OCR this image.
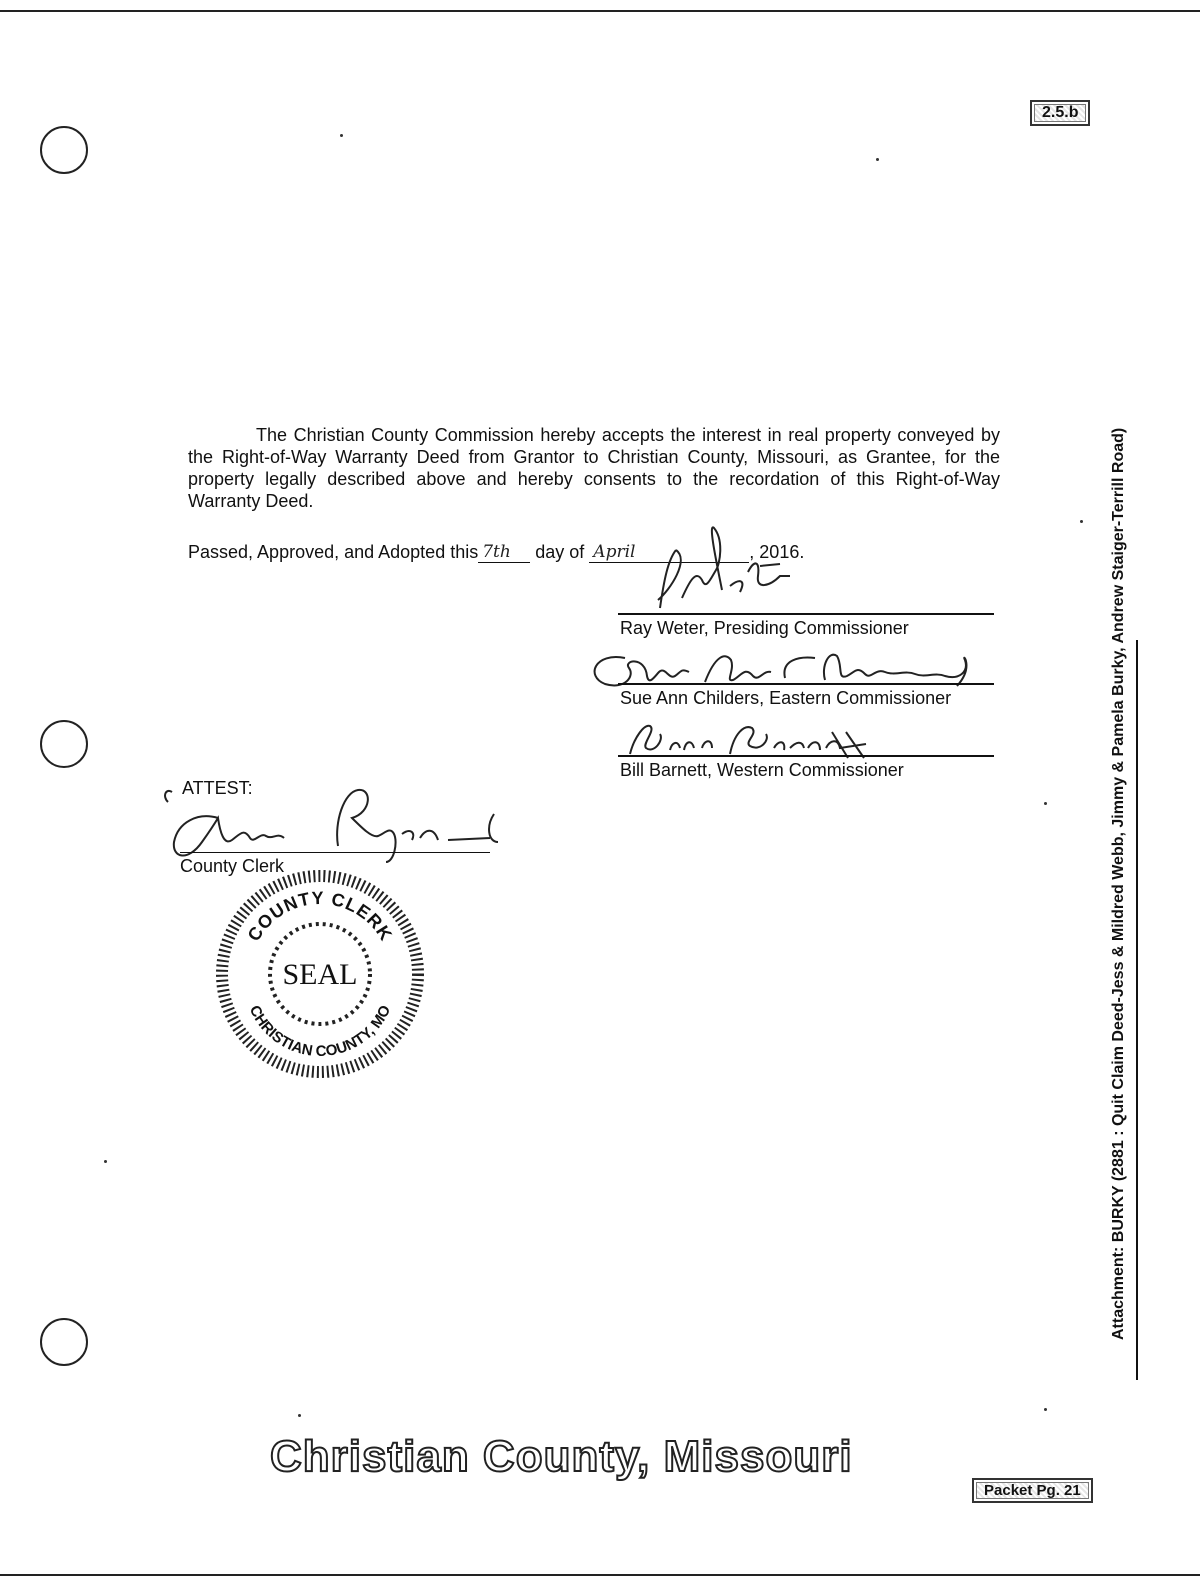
2.5.b
The Christian County Commission hereby accepts the interest in real property conveyed by the Right-of-Way Warranty Deed from Grantor to Christian County, Missouri, as Grantee, for the property legally described above and hereby consents to the recordation of this Right-of-Way Warranty Deed.
Passed, Approved, and Adopted this 7th day of April	, 2016.
Ray Weter, Presiding Commissioner
Sue Ann Childers, Eastern Commissioner
Bill Barnett, Western Commissioner
ATTEST:
County Clerk
COUNTY CLERK
CHRISTIAN COUNTY, MO
SEAL	Attachment: BURKY (2881 : Quit Claim Deed-Jess & Mildred Webb, Jimmy & Pamela Burky, Andrew Staiger-Terrill Road)
Christian County, Missouri
Packet Pg. 21
